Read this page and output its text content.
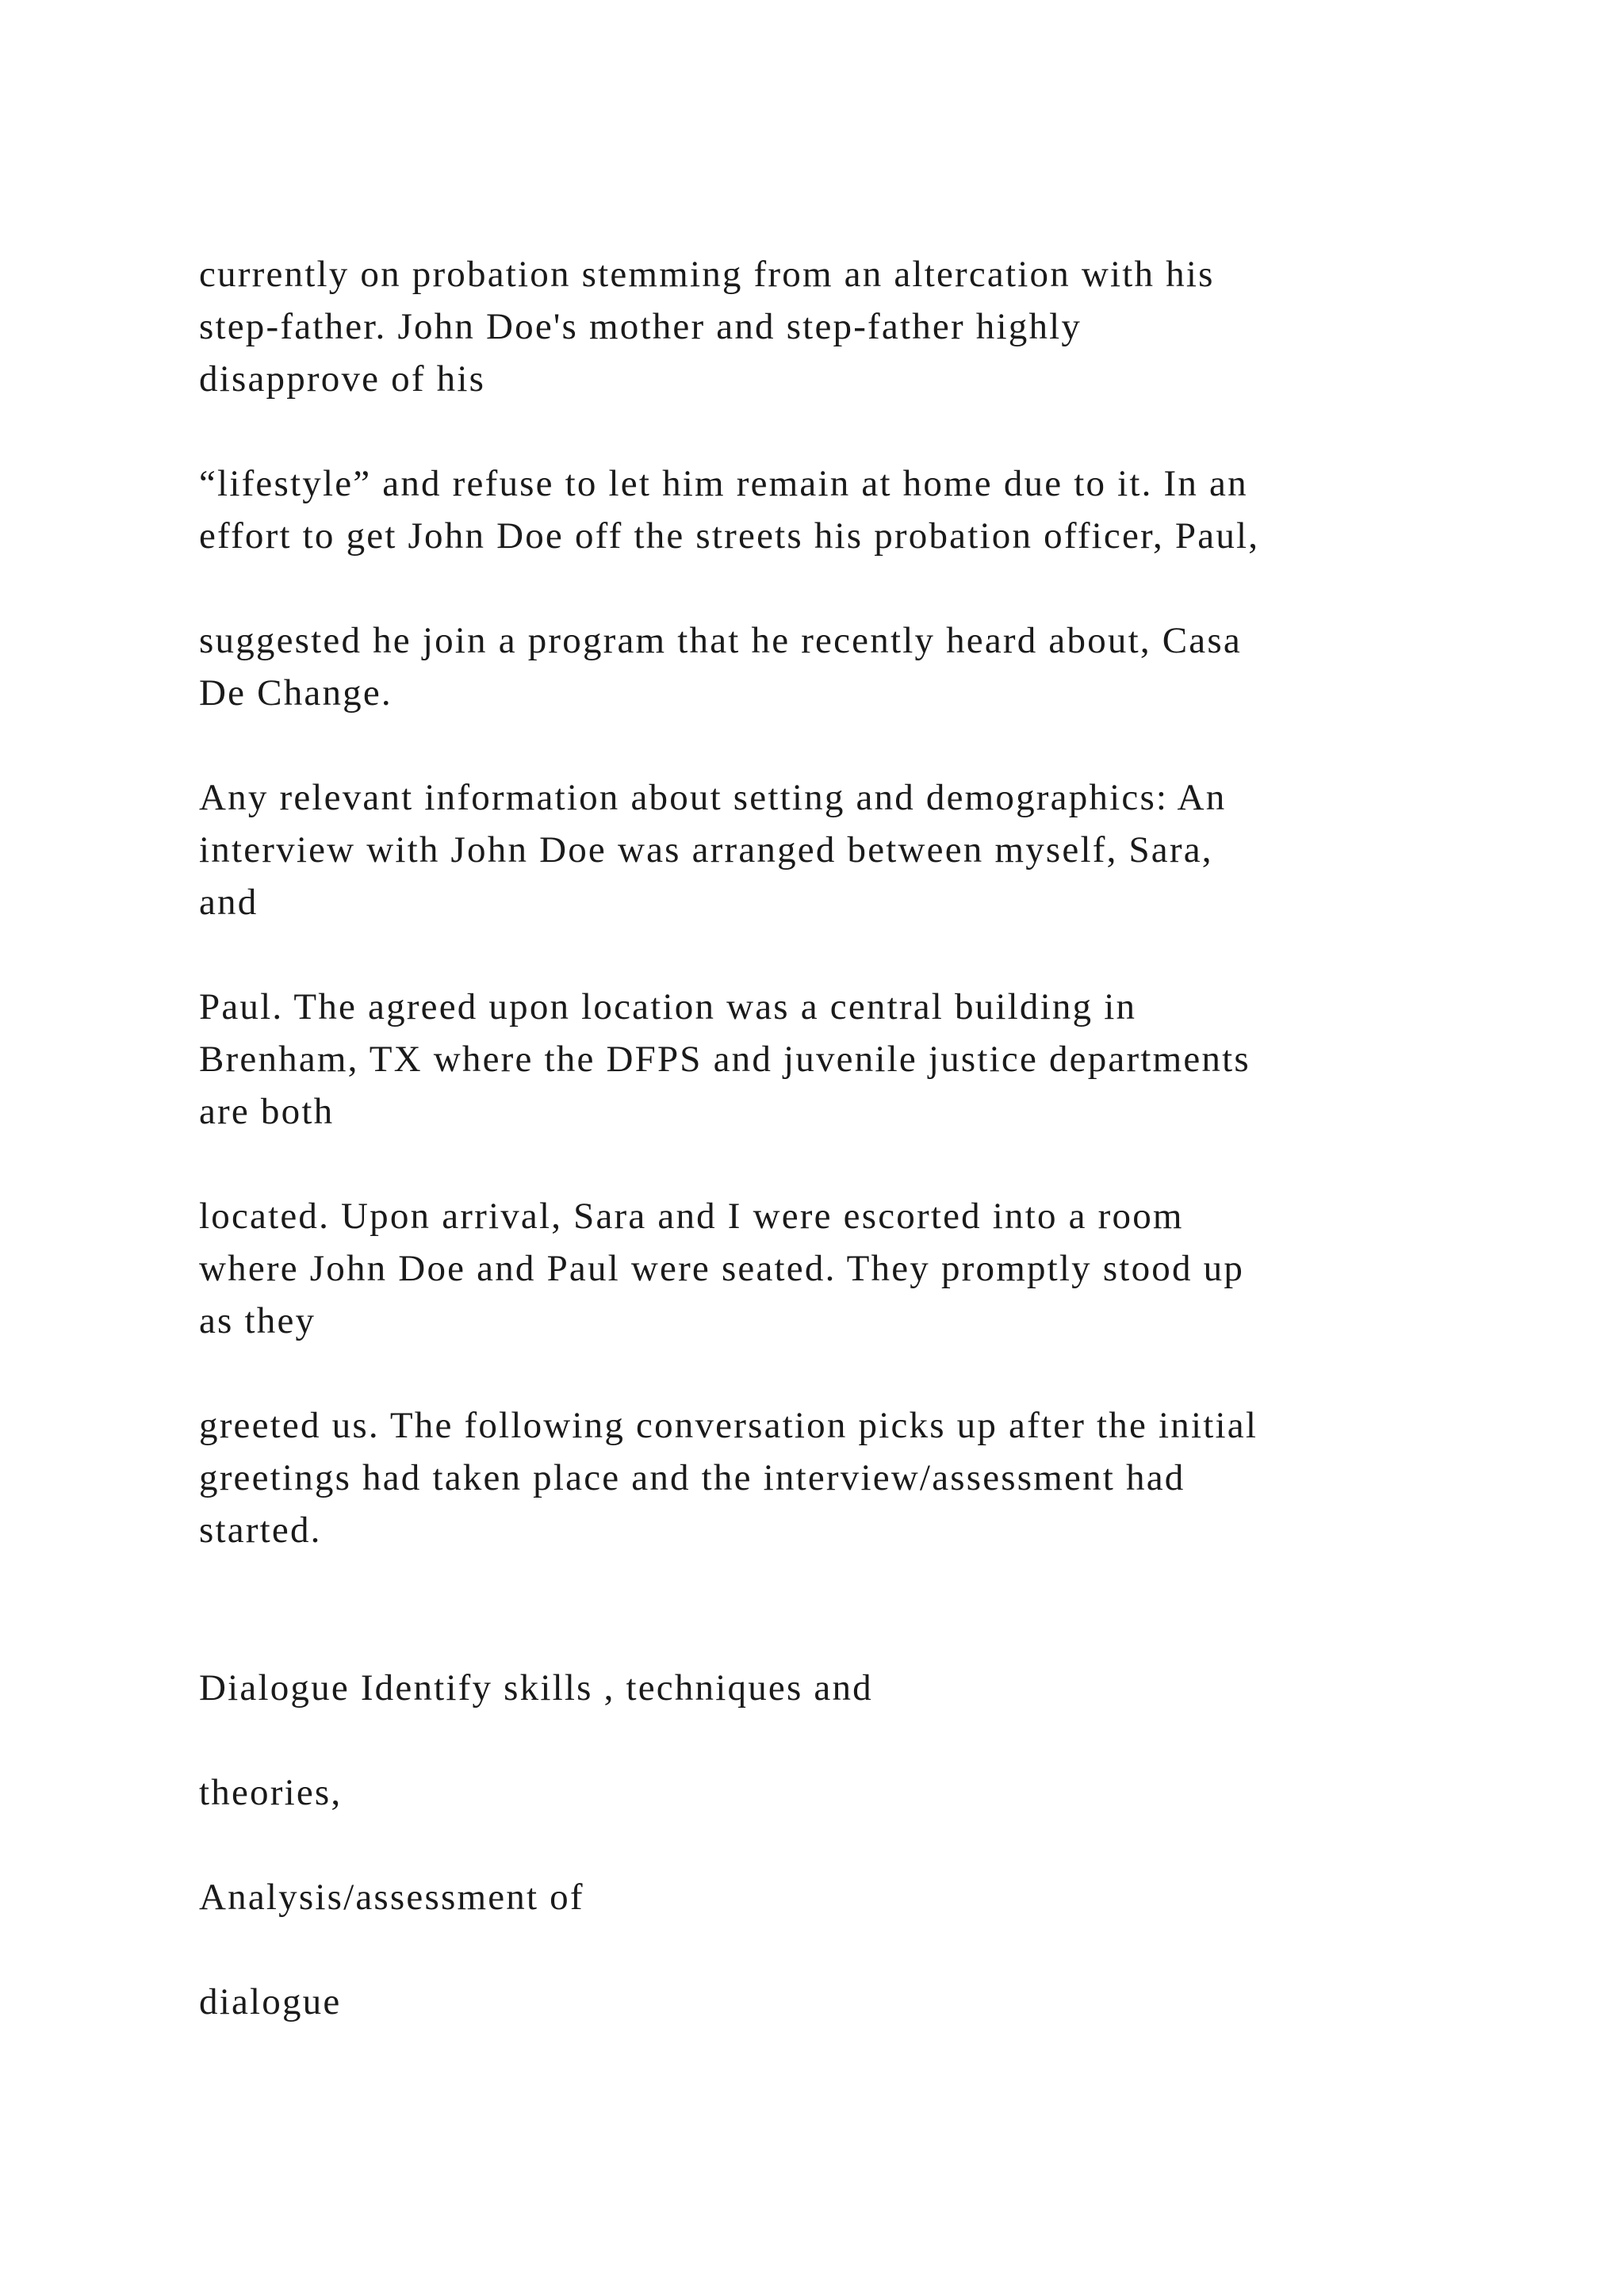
currently on probation stemming from an altercation with his
step-father. John Doe's mother and step-father highly
disapprove of his

“lifestyle” and refuse to let him remain at home due to it. In an
effort to get John Doe off the streets his probation officer, Paul,

suggested he join a program that he recently heard about, Casa
De Change.

Any relevant information about setting and demographics: An
interview with John Doe was arranged between myself, Sara,
and

Paul. The agreed upon location was a central building in
Brenham, TX where the DFPS and juvenile justice departments
are both

located. Upon arrival, Sara and I were escorted into a room
where John Doe and Paul were seated. They promptly stood up
as they

greeted us. The following conversation picks up after the initial
greetings had taken place and the interview/assessment had
started.

Dialogue Identify skills , techniques and

theories,

Analysis/assessment of

dialogue
